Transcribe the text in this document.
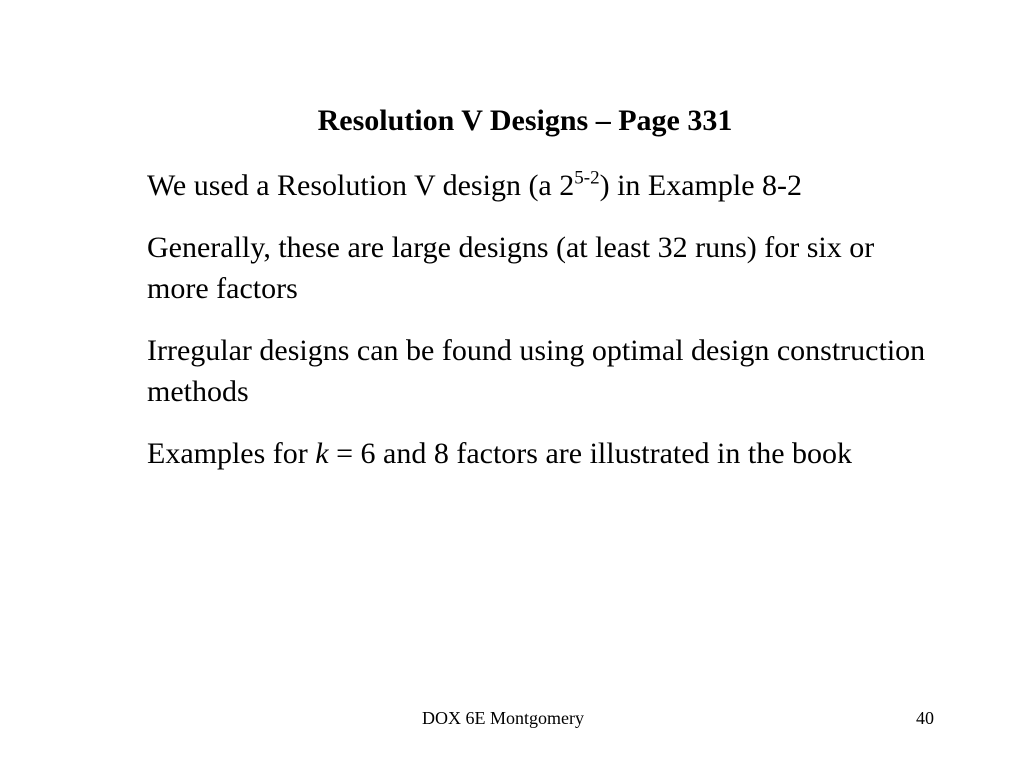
Resolution V Designs – Page 331
We used a Resolution V design (a 2$^{5-2}$) in Example 8-2
Generally, these are large designs (at least 32 runs) for six or more factors
Irregular designs can be found using optimal design construction methods
Examples for k = 6 and 8 factors are illustrated in the book
DOX 6E Montgomery	40
